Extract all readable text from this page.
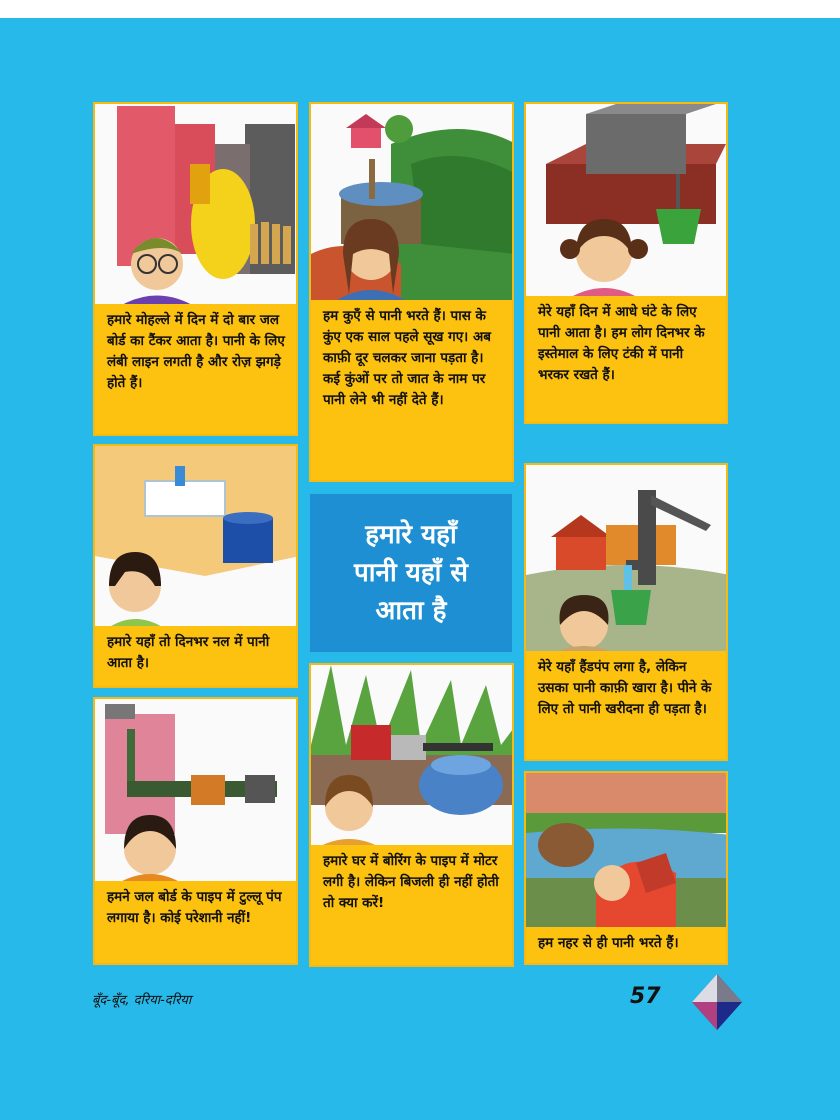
हमारे मोहल्ले में दिन में दो बार जल बोर्ड का टैंकर आता है। पानी के लिए लंबी लाइन लगती है और रोज़ झगड़े होते हैं।
हम कुएँ से पानी भरते हैं। पास के कुंए एक साल पहले सूख गए। अब काफ़ी दूर चलकर जाना पड़ता है। कई कुंओं पर तो जात के नाम पर पानी लेने भी नहीं देते हैं।
मेरे यहाँ दिन में आधे घंटे के लिए पानी आता है। हम लोग दिनभर के इस्तेमाल के लिए टंकी में पानी भरकर रखते हैं।
हमारे यहाँ तो दिनभर नल में पानी आता है।
हमारे यहाँ
पानी यहाँ से
आता है
मेरे यहाँ हैंडपंप लगा है, लेकिन उसका पानी काफ़ी खारा है। पीने के लिए तो पानी खरीदना ही पड़ता है।
हमने जल बोर्ड के पाइप में टुल्लू पंप लगाया है। कोई परेशानी नहीं!
हमारे घर में बोरिंग के पाइप में मोटर लगी है। लेकिन बिजली ही नहीं होती तो क्या करें!
हम नहर से ही पानी भरते हैं।
बूँद-बूँद, दरिया-दरिया	57
